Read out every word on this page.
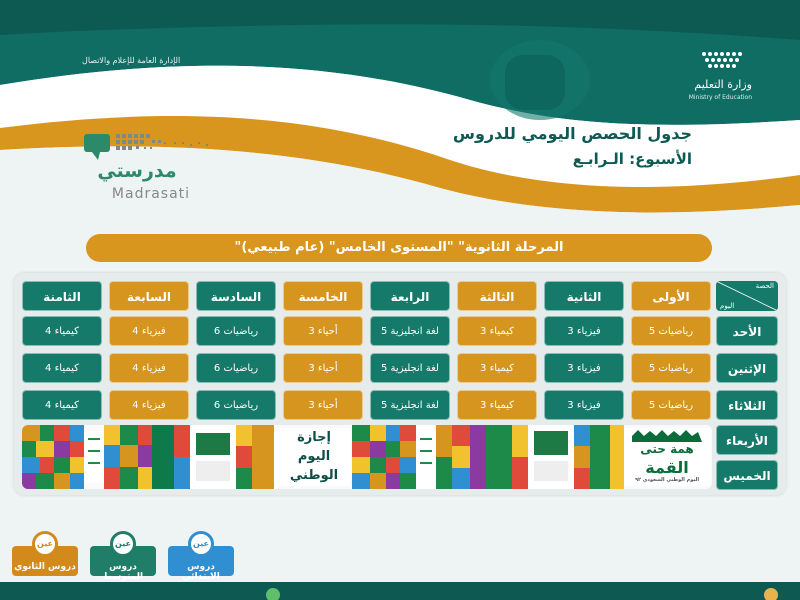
وزارة التعليم
Ministry of Education
الإدارة العامة للإعلام والاتصال
جدول الحصص اليومي للدروس
الأسبوع: الـرابـع
مدرستي
Madrasati
"المرحلة الثانوية" "المستوى الخامس" (عام طبيعي)
الحصة
اليوم
الأولى
الثانية
الثالثة
الرابعة
الخامسة
السادسة
السابعة
الثامنة
الأحد
الإثنين
الثلاثاء
الأربعاء
الخميس
رياضيات 5
فيزياء 3
كيمياء 3
لغة انجليزية 5
أحياء 3
رياضيات 6
فيزياء 4
كيمياء 4
رياضيات 5
فيزياء 3
كيمياء 3
لغة انجليزية 5
أحياء 3
رياضيات 6
فيزياء 4
كيمياء 4
رياضيات 5
فيزياء 3
كيمياء 3
لغة انجليزية 5
أحياء 3
رياضيات 6
فيزياء 4
كيمياء 4
إجازة
اليوم
الوطني
همة حتى
القمة
اليوم الوطني السعودي ٩٢
دروس الابتدائي
عين
دروس المتوسط
عين
دروس الثانوي
عين
